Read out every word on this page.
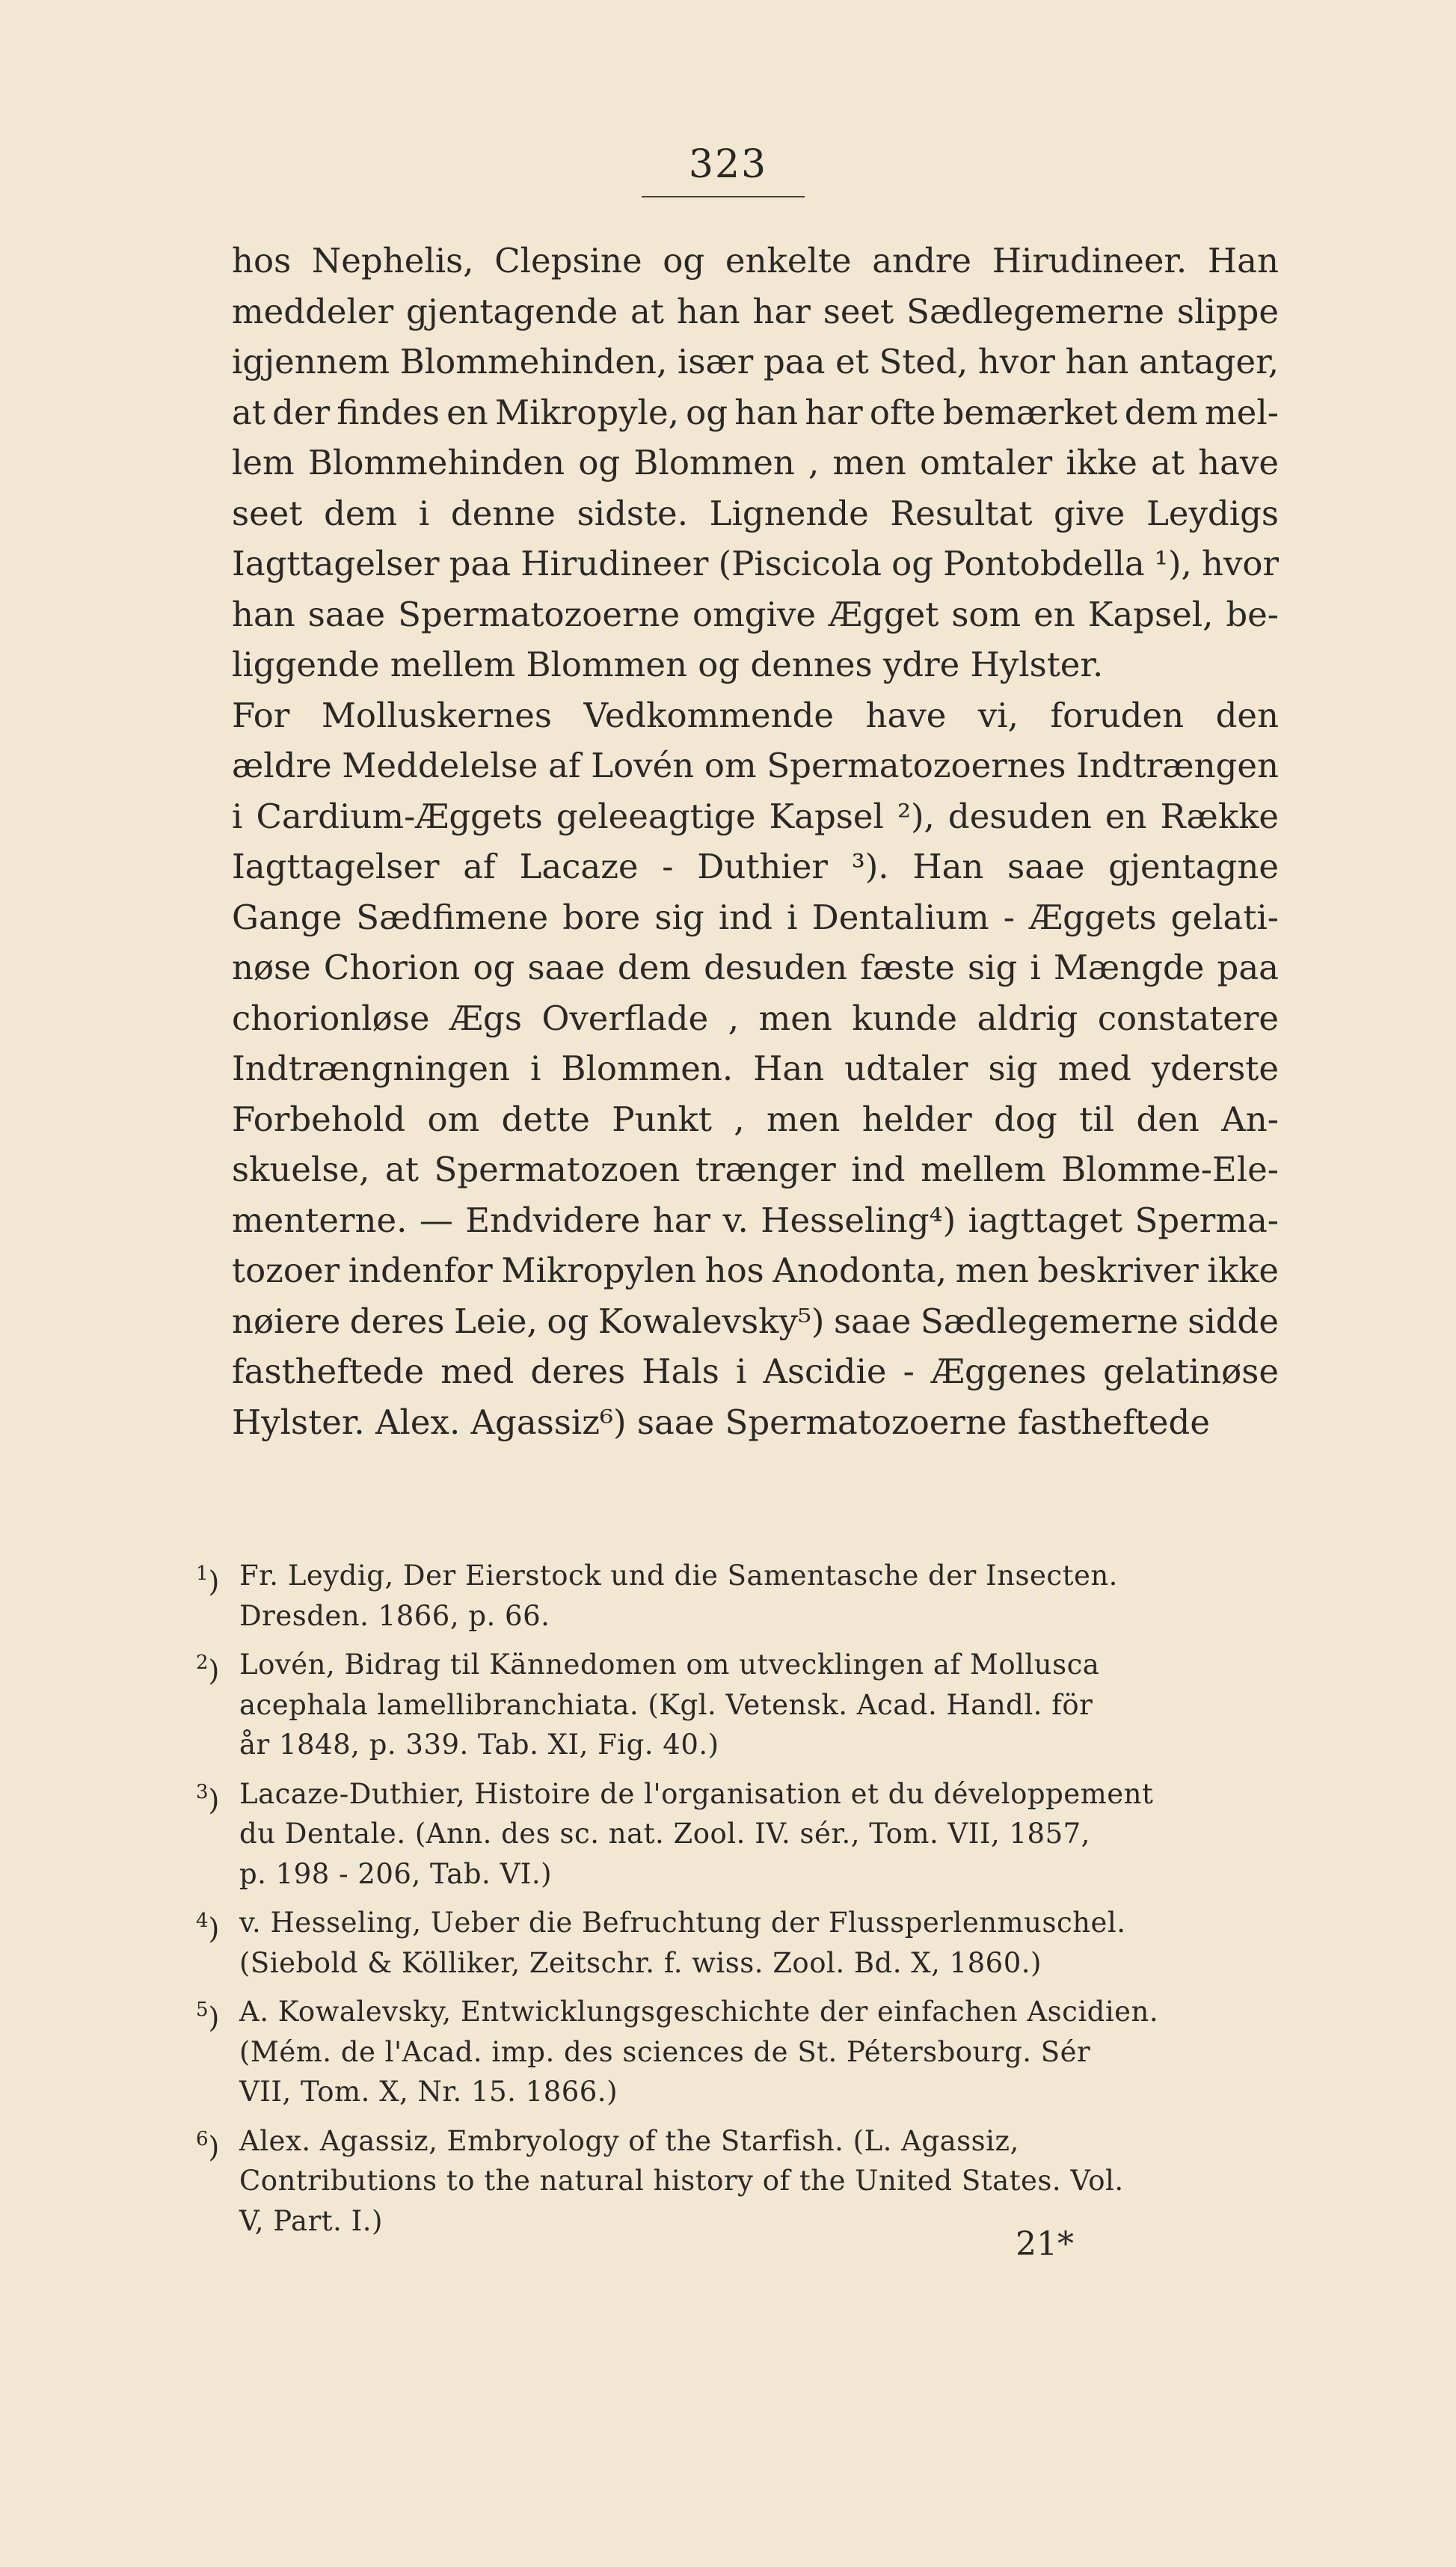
323
hos Nephelis, Clepsine og enkelte andre Hirudineer. Han
meddeler gjentagende at han har seet Sædlegemerne slippe
igjennem Blommehinden, især paa et Sted, hvor han antager,
at der findes en Mikropyle, og han har ofte bemærket dem mel-
lem Blommehinden og Blommen , men omtaler ikke at have
seet dem i denne sidste. Lignende Resultat give Leydigs
Iagttagelser paa Hirudineer (Piscicola og Pontobdella ¹), hvor
han saae Spermatozoerne omgive Ægget som en Kapsel, be-
liggende mellem Blommen og dennes ydre Hylster.
For Molluskernes Vedkommende have vi, foruden den
ældre Meddelelse af Lovén om Spermatozoernes Indtrængen
i Cardium-Æggets geleeagtige Kapsel ²), desuden en Række
Iagttagelser af Lacaze - Duthier ³). Han saae gjentagne
Gange Sædfimene bore sig ind i Dentalium - Æggets gelati-
nøse Chorion og saae dem desuden fæste sig i Mængde paa
chorionløse Ægs Overflade , men kunde aldrig constatere
Indtrængningen i Blommen. Han udtaler sig med yderste
Forbehold om dette Punkt , men helder dog til den An-
skuelse, at Spermatozoen trænger ind mellem Blomme-Ele-
menterne. — Endvidere har v. Hesseling⁴) iagttaget Sperma-
tozoer indenfor Mikropylen hos Anodonta, men beskriver ikke
nøiere deres Leie, og Kowalevsky⁵) saae Sædlegemerne sidde
fastheftede med deres Hals i Ascidie - Æggenes gelatinøse
Hylster. Alex. Agassiz⁶) saae Spermatozoerne fastheftede
$^1$) Fr. Leydig, Der Eierstock und die Samentasche der Insecten.
Dresden. 1866, p. 66.
$^2$) Lovén, Bidrag til Kännedomen om utvecklingen af Mollusca
acephala lamellibranchiata. (Kgl. Vetensk. Acad. Handl. för
år 1848, p. 339. Tab. XI, Fig. 40.)
$^3$) Lacaze-Duthier, Histoire de l'organisation et du développement
du Dentale. (Ann. des sc. nat. Zool. IV. sér., Tom. VII, 1857,
p. 198 - 206, Tab. VI.)
$^4$) v. Hesseling, Ueber die Befruchtung der Flussperlenmuschel.
(Siebold & Kölliker, Zeitschr. f. wiss. Zool. Bd. X, 1860.)
$^5$) A. Kowalevsky, Entwicklungsgeschichte der einfachen Ascidien.
(Mém. de l'Acad. imp. des sciences de St. Pétersbourg. Sér
VII, Tom. X, Nr. 15. 1866.)
$^6$) Alex. Agassiz, Embryology of the Starfish. (L. Agassiz,
Contributions to the natural history of the United States. Vol.
V, Part. I.)
21*
